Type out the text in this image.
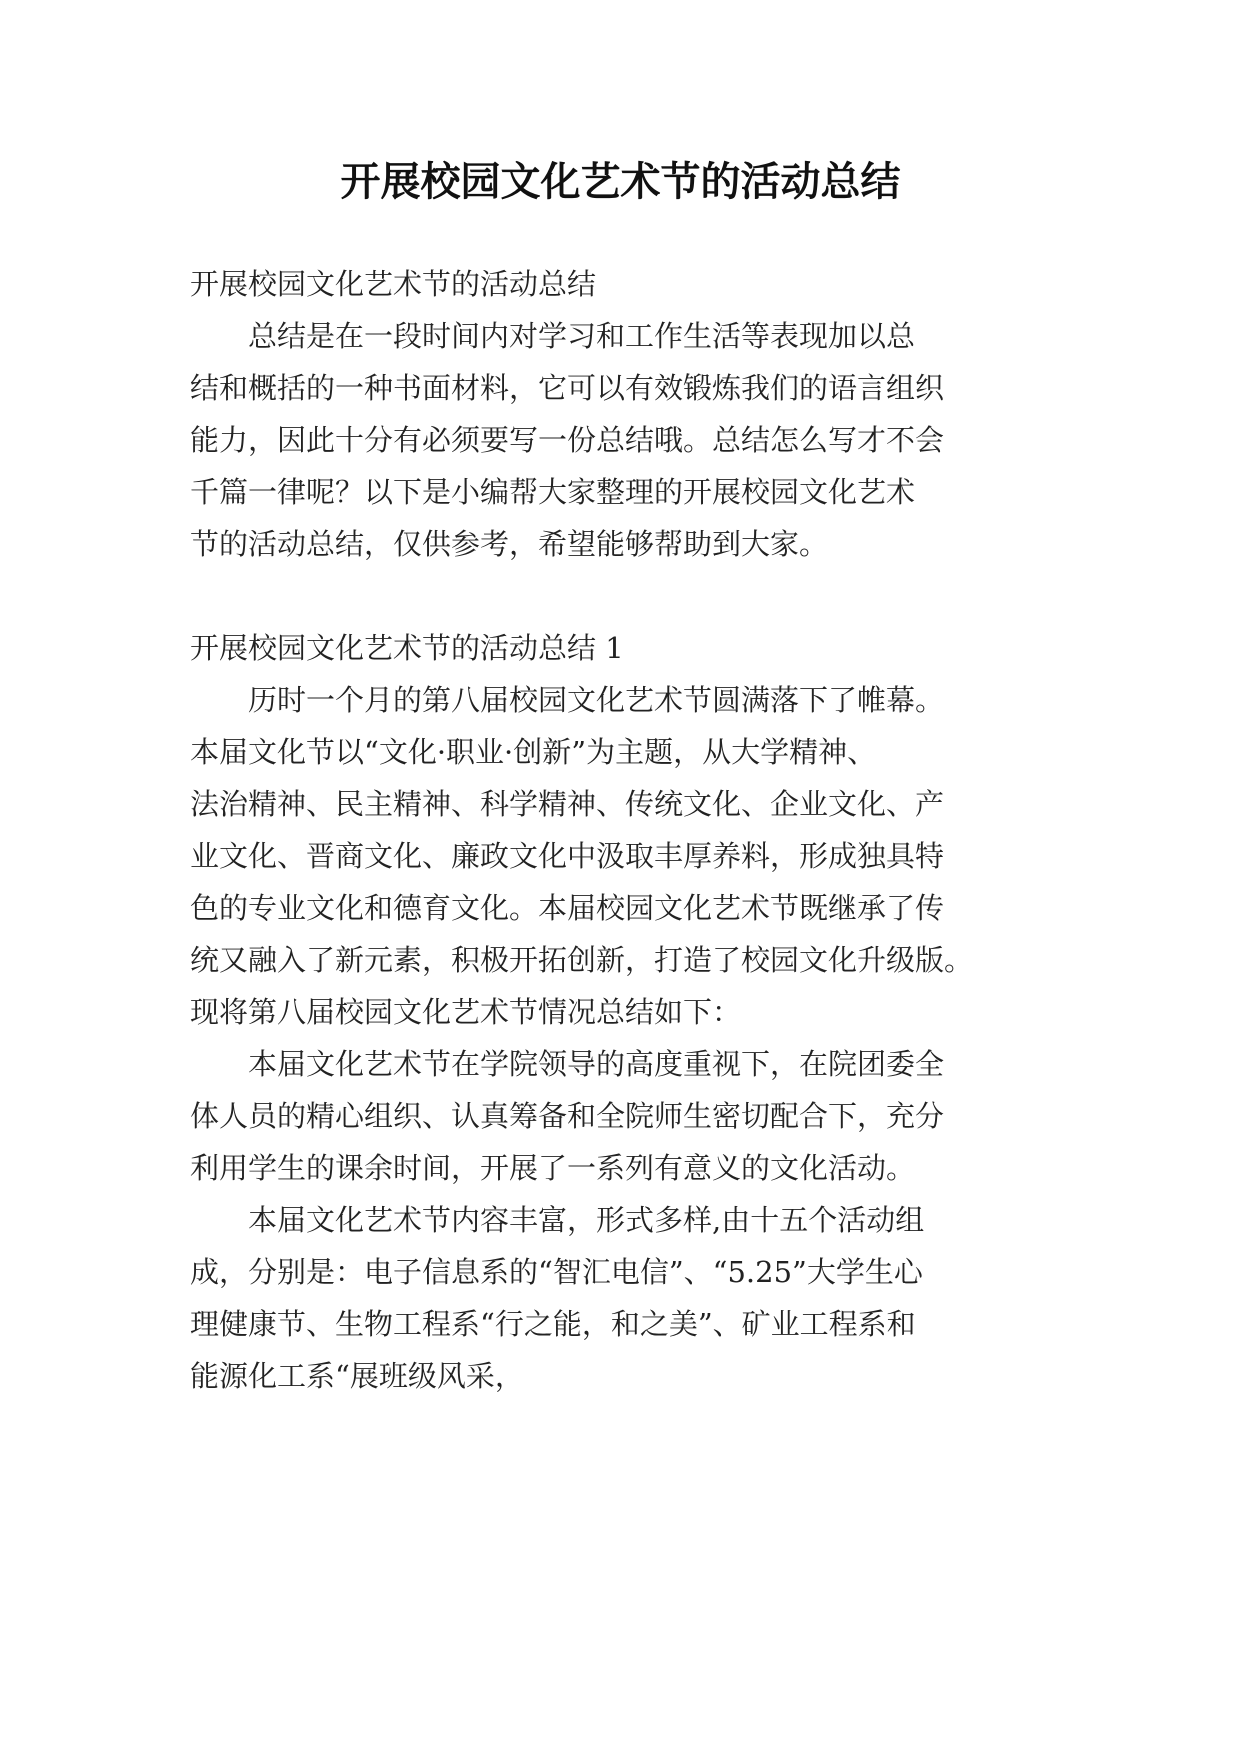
开展校园文化艺术节的活动总结
开展校园文化艺术节的活动总结
　　总结是在一段时间内对学习和工作生活等表现加以总
结和概括的一种书面材料，它可以有效锻炼我们的语言组织
能力，因此十分有必须要写一份总结哦。总结怎么写才不会
千篇一律呢？以下是小编帮大家整理的开展校园文化艺术
节的活动总结，仅供参考，希望能够帮助到大家。
开展校园文化艺术节的活动总结 1
　　历时一个月的第八届校园文化艺术节圆满落下了帷幕。
本届文化节以“文化·职业·创新”为主题，从大学精神、
法治精神、民主精神、科学精神、传统文化、企业文化、产
业文化、晋商文化、廉政文化中汲取丰厚养料，形成独具特
色的专业文化和德育文化。本届校园文化艺术节既继承了传
统又融入了新元素，积极开拓创新，打造了校园文化升级版。
现将第八届校园文化艺术节情况总结如下：
　　本届文化艺术节在学院领导的高度重视下，在院团委全
体人员的精心组织、认真筹备和全院师生密切配合下，充分
利用学生的课余时间，开展了一系列有意义的文化活动。
　　本届文化艺术节内容丰富，形式多样,由十五个活动组
成，分别是：电子信息系的“智汇电信”、“5.25”大学生心
理健康节、生物工程系“行之能，和之美”、矿业工程系和
能源化工系“展班级风采，
